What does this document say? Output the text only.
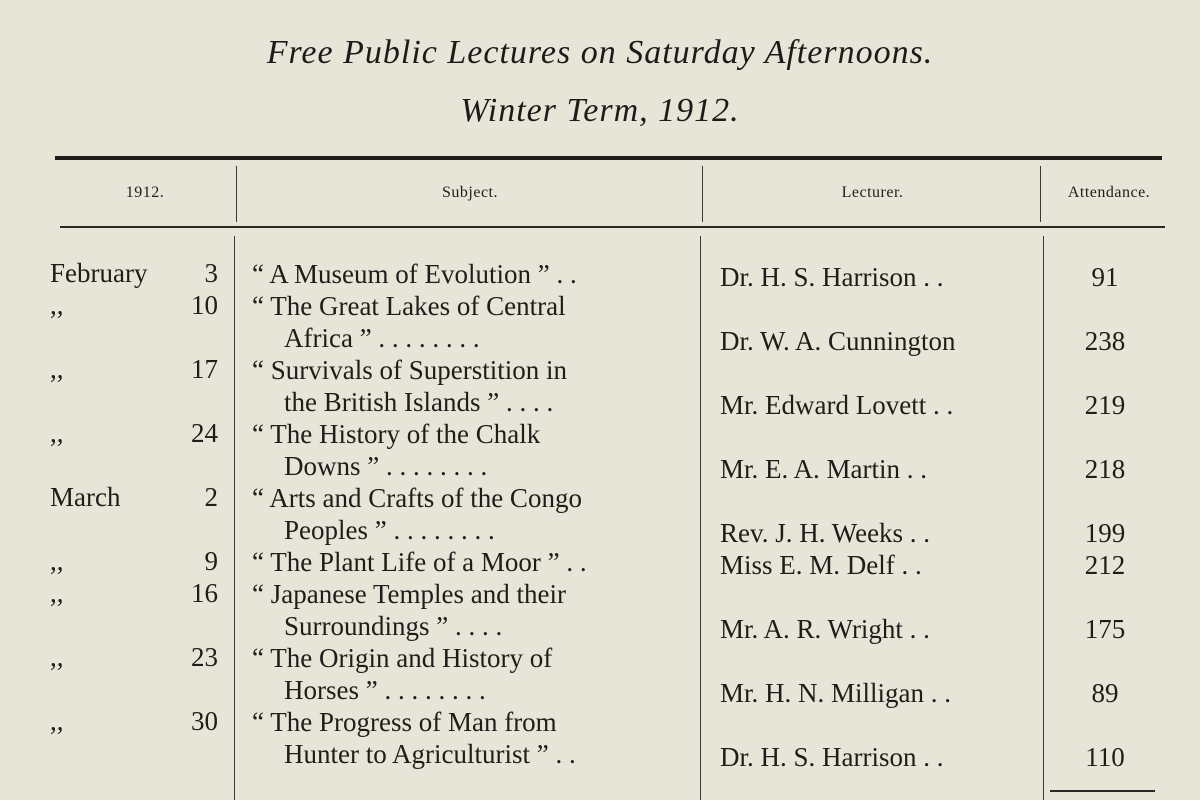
Free Public Lectures on Saturday Afternoons.
Winter Term, 1912.
1912.	Subject.	Lecturer.	Attendance.
February	3 “ A Museum of Evolution ” . .	Dr. H. S. Harrison . .	91
,,	10 “ The Great Lakes of Central
Africa ” . . . . . . . .	Dr. W. A. Cunnington	238
,,	17 “ Survivals of Superstition in
the British Islands ” . . . .	Mr. Edward Lovett . .	219
,,	24 “ The History of the Chalk
Downs ” . . . . . . . .	Mr. E. A. Martin . .	218
March	2 “ Arts and Crafts of the Congo
Peoples ” . . . . . . . .	Rev. J. H. Weeks . .	199
,,	9 “ The Plant Life of a Moor ” . .	Miss E. M. Delf . .	212
,,	16 “ Japanese Temples and their
Surroundings ” . . . .	Mr. A. R. Wright . .	175
,,	23 “ The Origin and History of
Horses ” . . . . . . . .	Mr. H. N. Milligan . .	89
,,	30 “ The Progress of Man from
Hunter to Agriculturist ” . .	Dr. H. S. Harrison . .	110
